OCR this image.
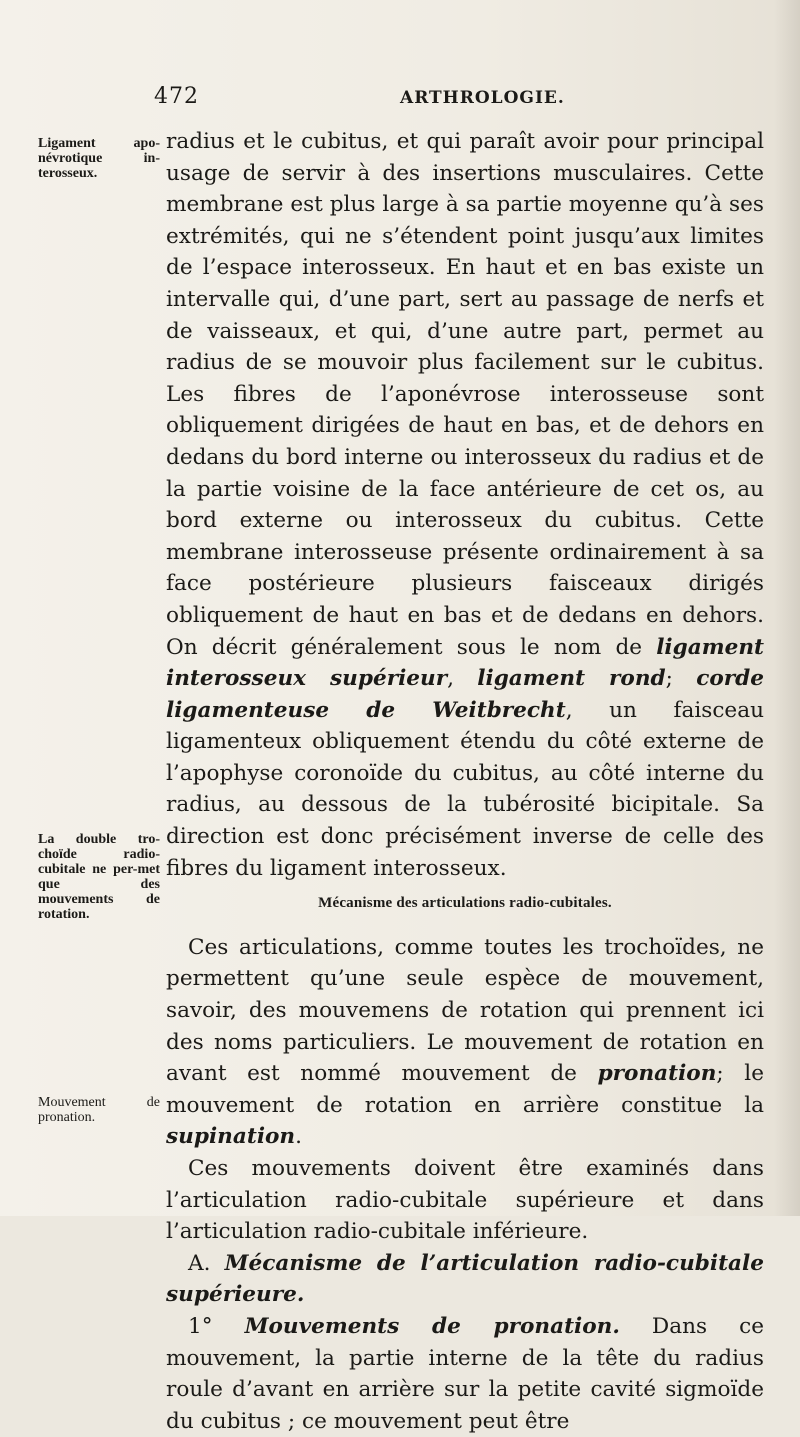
472	ARTHROLOGIE.
Ligament apo-névrotique in-terosseux.
La double tro-choïde radio-cubitale ne per-met que des mouvements de rotation.
Mouvement de pronation.

radius et le cubitus, et qui paraît avoir pour principal usage de servir à des insertions musculaires. Cette membrane est plus large à sa partie moyenne qu’à ses extrémités, qui ne s’étendent point jusqu’aux limites de l’espace interosseux. En haut et en bas existe un intervalle qui, d’une part, sert au passage de nerfs et de vaisseaux, et qui, d’une autre part, permet au radius de se mouvoir plus facilement sur le cubitus. Les fibres de l’aponévrose interosseuse sont obliquement dirigées de haut en bas, et de dehors en dedans du bord interne ou interosseux du radius et de la partie voisine de la face antérieure de cet os, au bord externe ou interosseux du cubitus. Cette membrane interosseuse présente ordinairement à sa face postérieure plusieurs faisceaux dirigés obliquement de haut en bas et de dedans en dehors. On décrit généralement sous le nom de ligament interosseux supérieur, ligament rond; corde ligamenteuse de Weitbrecht, un faisceau ligamenteux obliquement étendu du côté externe de l’apophyse coronoïde du cubitus, au côté interne du radius, au dessous de la tubérosité bicipitale. Sa direction est donc précisément inverse de celle des fibres du ligament interosseux.

Mécanisme des articulations radio-cubitales.

Ces articulations, comme toutes les trochoïdes, ne permettent qu’une seule espèce de mouvement, savoir, des mouvemens de rotation qui prennent ici des noms particuliers. Le mouvement de rotation en avant est nommé mouvement de pronation; le mouvement de rotation en arrière constitue la supination.

Ces mouvements doivent être examinés dans l’articulation radio-cubitale supérieure et dans l’articulation radio-cubitale inférieure.

A. Mécanisme de l’articulation radio-cubitale supérieure.

1° Mouvements de pronation. Dans ce mouvement, la partie interne de la tête du radius roule d’avant en arrière sur la petite cavité sigmoïde du cubitus ; ce mouvement peut être
